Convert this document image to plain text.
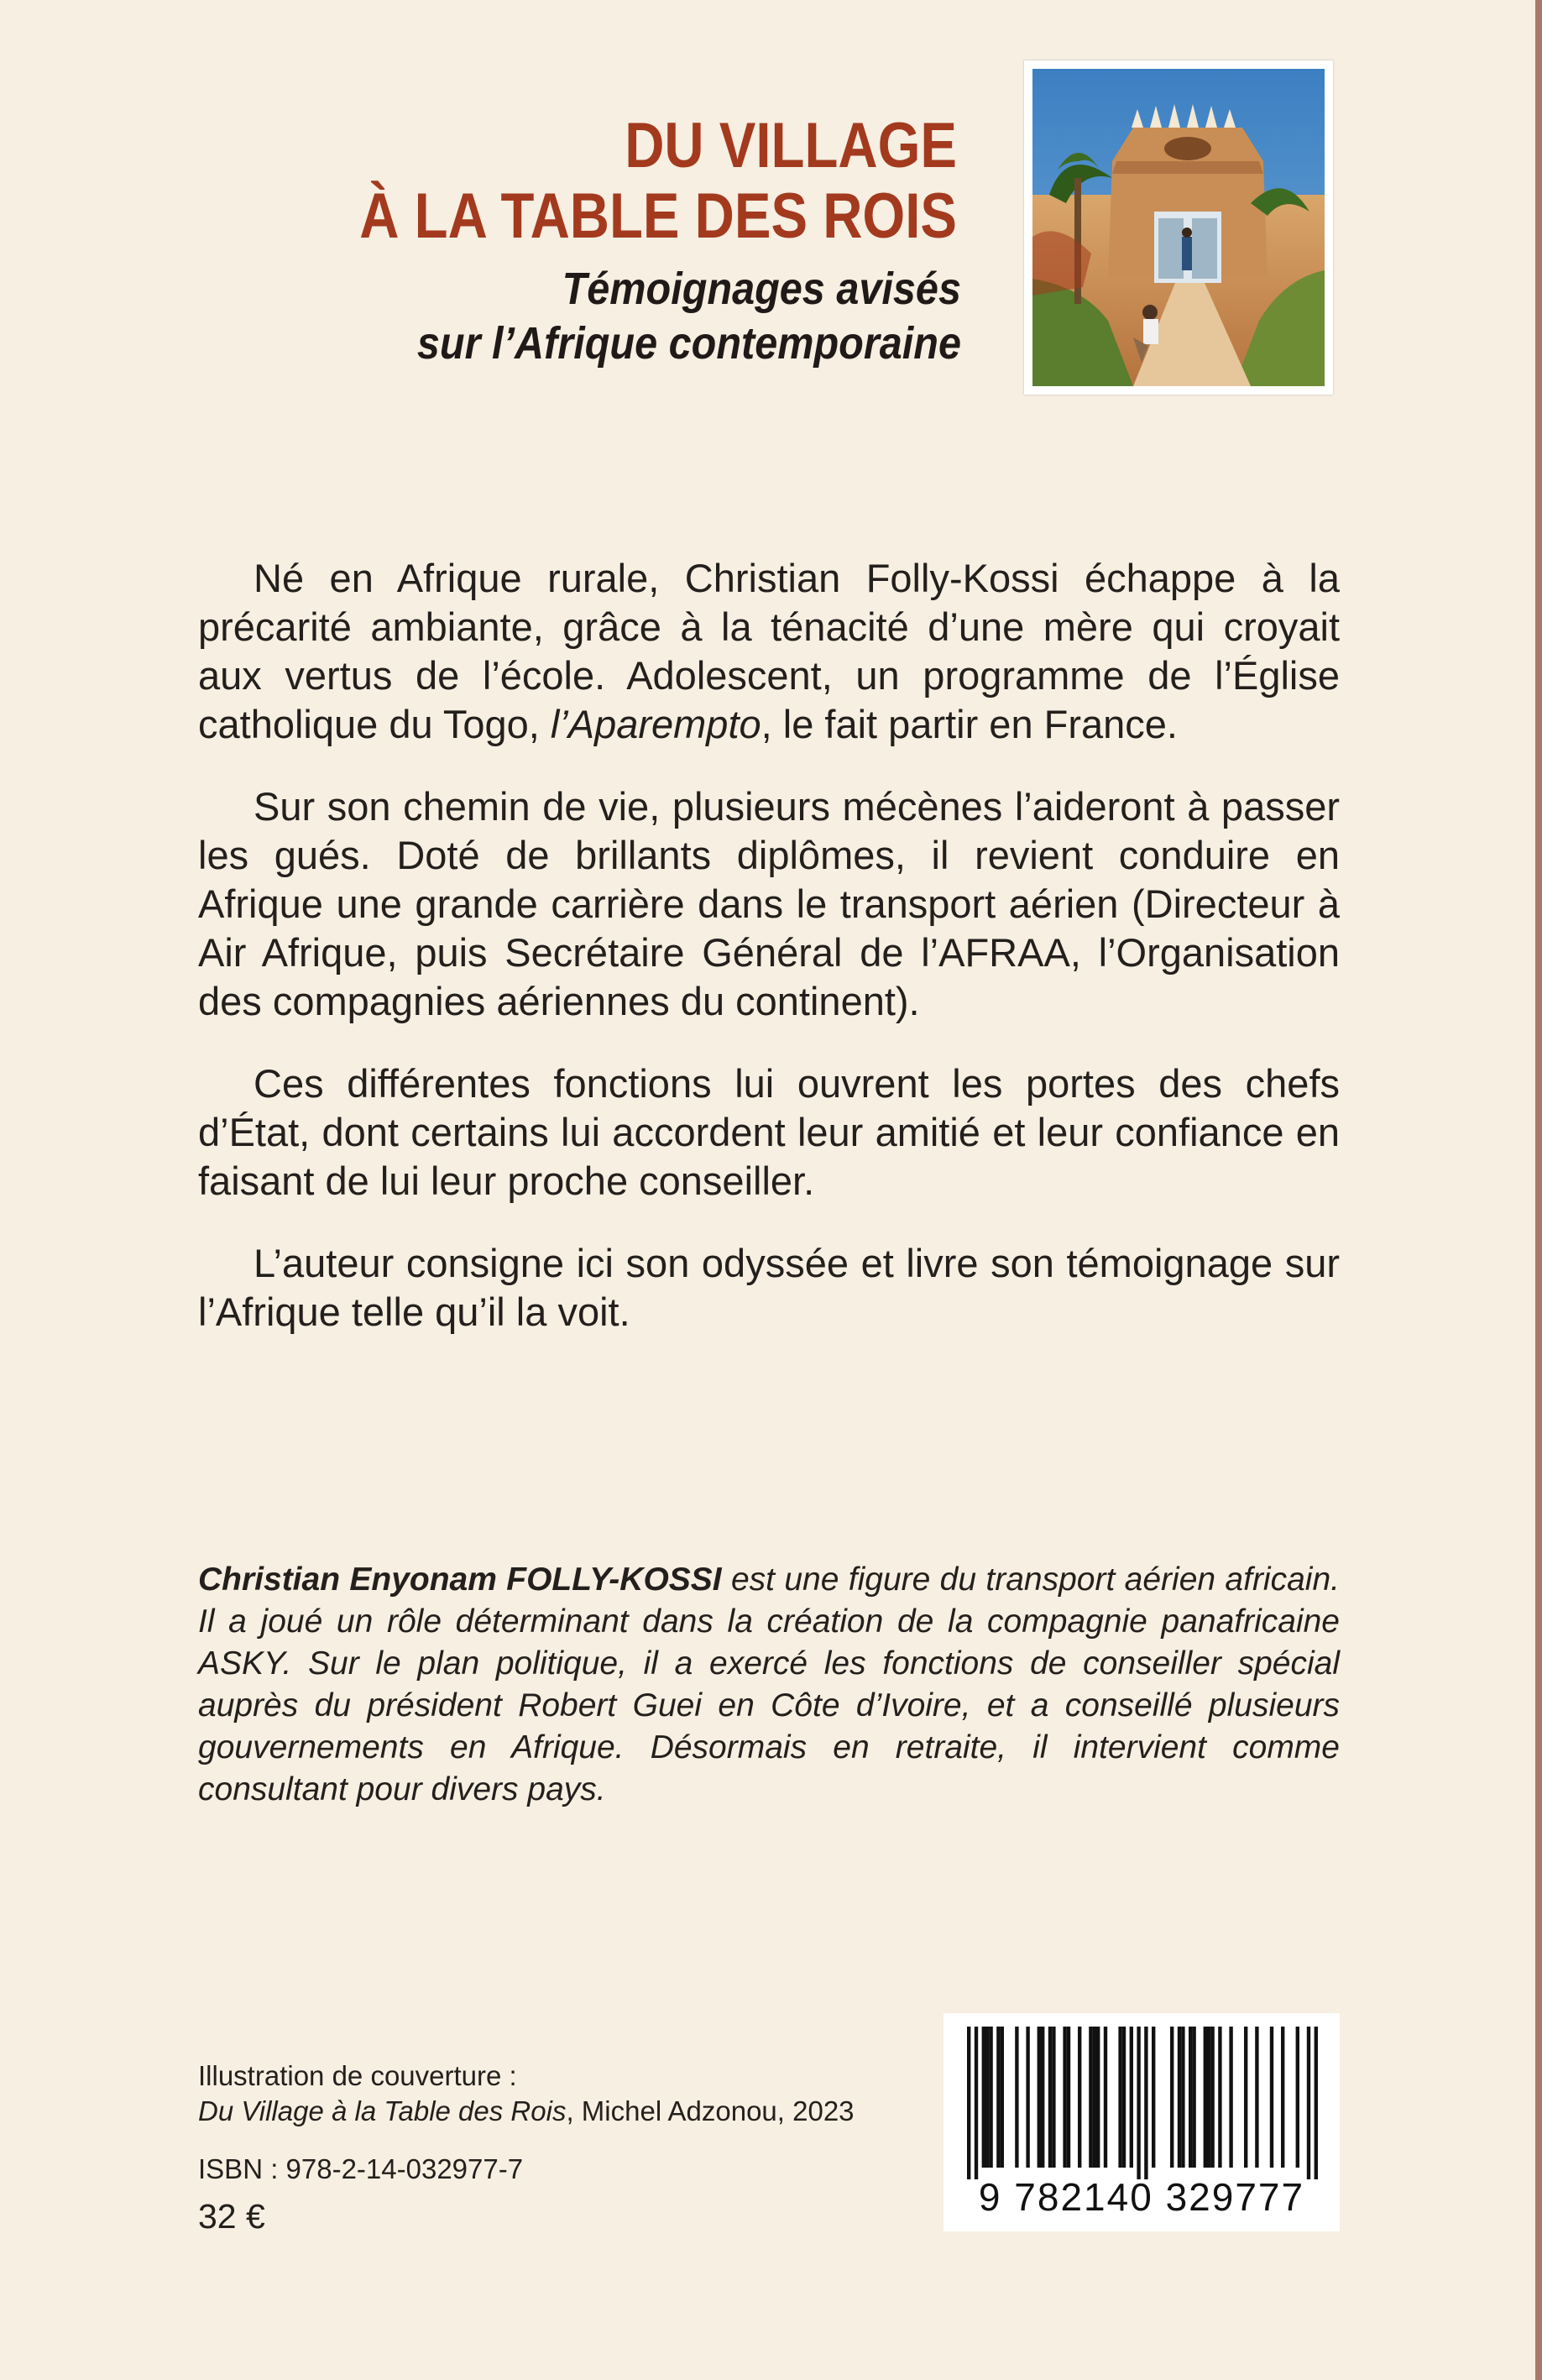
DU VILLAGE
À LA TABLE DES ROIS
Témoignages avisés
sur l’Afrique contemporaine

Né en Afrique rurale, Christian Folly-Kossi échappe à la précarité ambiante, grâce à la ténacité d’une mère qui croyait aux vertus de l’école. Adolescent, un programme de l’Église catholique du Togo, l’Aparempto, le fait partir en France.

Sur son chemin de vie, plusieurs mécènes l’aideront à passer les gués. Doté de brillants diplômes, il revient conduire en Afrique une grande carrière dans le transport aérien (Directeur à Air Afrique, puis Secrétaire Général de l’AFRAA, l’Organisation des compagnies aériennes du continent).

Ces différentes fonctions lui ouvrent les portes des chefs d’État, dont certains lui accordent leur amitié et leur confiance en faisant de lui leur proche conseiller.

L’auteur consigne ici son odyssée et livre son témoignage sur l’Afrique telle qu’il la voit.

Christian Enyonam FOLLY-KOSSI est une figure du transport aérien africain. Il a joué un rôle déterminant dans la création de la compagnie panafricaine ASKY. Sur le plan politique, il a exercé les fonctions de conseiller spécial auprès du président Robert Guei en Côte d’Ivoire, et a conseillé plusieurs gouvernements en Afrique. Désormais en retraite, il intervient comme consultant pour divers pays.
Illustration de couverture :
Du Village à la Table des Rois, Michel Adzonou, 2023
ISBN : 978-2-14-032977-7
32 €	9 782140 329777
